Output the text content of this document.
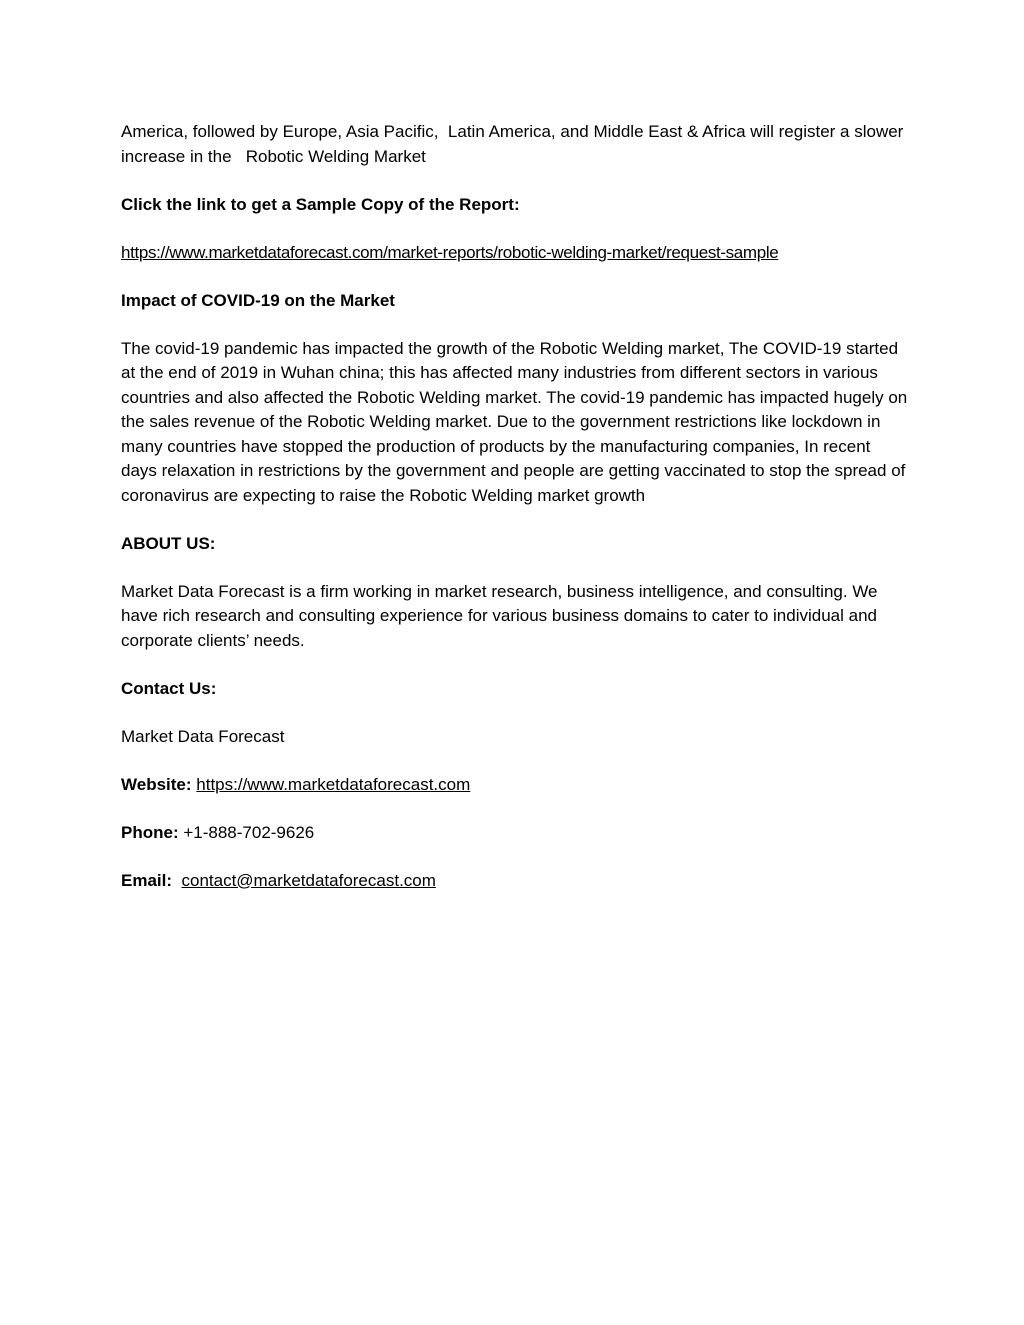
America, followed by Europe, Asia Pacific,  Latin America, and Middle East & Africa will register a slower increase in the   Robotic Welding Market

Click the link to get a Sample Copy of the Report:

https://www.marketdataforecast.com/market-reports/robotic-welding-market/request-sample

Impact of COVID-19 on the Market

The covid-19 pandemic has impacted the growth of the Robotic Welding market, The COVID-19 started at the end of 2019 in Wuhan china; this has affected many industries from different sectors in various countries and also affected the Robotic Welding market. The covid-19 pandemic has impacted hugely on the sales revenue of the Robotic Welding market. Due to the government restrictions like lockdown in many countries have stopped the production of products by the manufacturing companies, In recent days relaxation in restrictions by the government and people are getting vaccinated to stop the spread of coronavirus are expecting to raise the Robotic Welding market growth

ABOUT US:

Market Data Forecast is a firm working in market research, business intelligence, and consulting. We have rich research and consulting experience for various business domains to cater to individual and corporate clients’ needs.

Contact Us:

Market Data Forecast

Website: https://www.marketdataforecast.com

Phone: +1-888-702-9626

Email: contact@marketdataforecast.com
